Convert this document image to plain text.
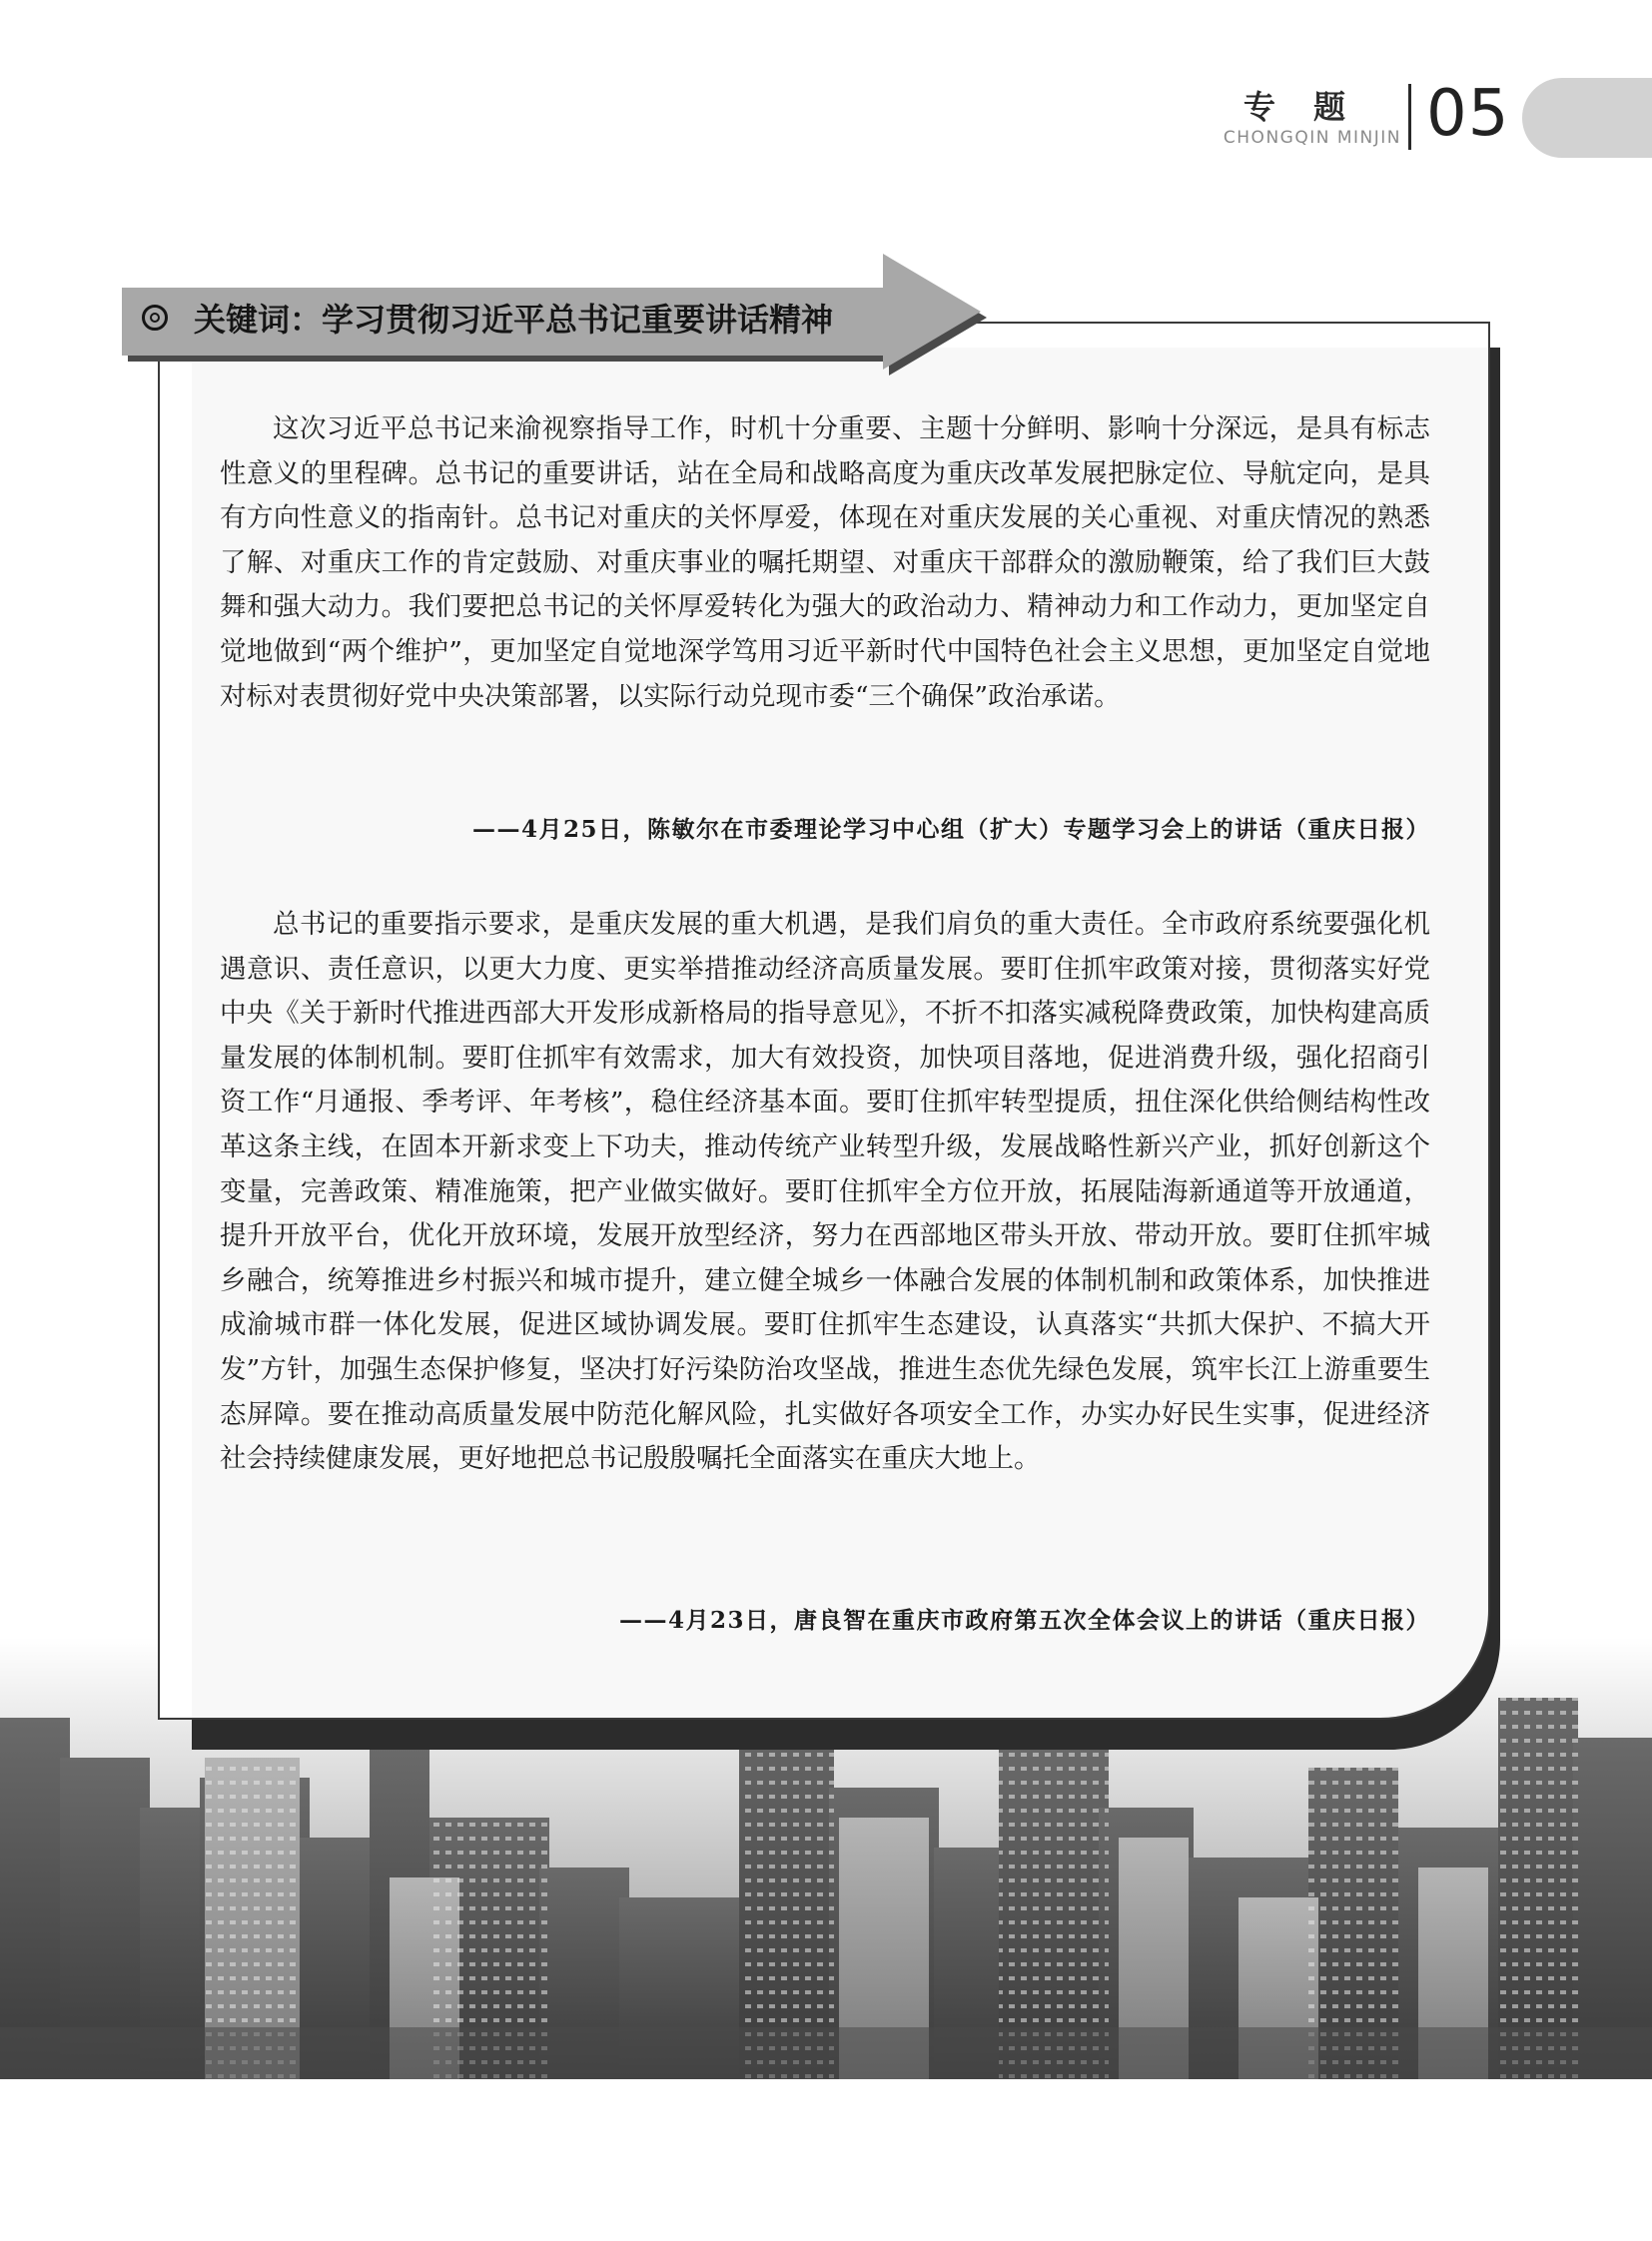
专题
CHONGQIN MINJIN 05
关键词：学习贯彻习近平总书记重要讲话精神

这次习近平总书记来渝视察指导工作，时机十分重要、主题十分鲜明、影响十分深远，是具有标志性意义的里程碑。总书记的重要讲话，站在全局和战略高度为重庆改革发展把脉定位、导航定向，是具有方向性意义的指南针。总书记对重庆的关怀厚爱，体现在对重庆发展的关心重视、对重庆情况的熟悉了解、对重庆工作的肯定鼓励、对重庆事业的嘱托期望、对重庆干部群众的激励鞭策，给了我们巨大鼓舞和强大动力。我们要把总书记的关怀厚爱转化为强大的政治动力、精神动力和工作动力，更加坚定自觉地做到“两个维护”，更加坚定自觉地深学笃用习近平新时代中国特色社会主义思想，更加坚定自觉地对标对表贯彻好党中央决策部署，以实际行动兑现市委“三个确保”政治承诺。

——4月25日，陈敏尔在市委理论学习中心组（扩大）专题学习会上的讲话（重庆日报）

总书记的重要指示要求，是重庆发展的重大机遇，是我们肩负的重大责任。全市政府系统要强化机遇意识、责任意识，以更大力度、更实举措推动经济高质量发展。要盯住抓牢政策对接，贯彻落实好党中央《关于新时代推进西部大开发形成新格局的指导意见》，不折不扣落实减税降费政策，加快构建高质量发展的体制机制。要盯住抓牢有效需求，加大有效投资，加快项目落地，促进消费升级，强化招商引资工作“月通报、季考评、年考核”，稳住经济基本面。要盯住抓牢转型提质，扭住深化供给侧结构性改革这条主线，在固本开新求变上下功夫，推动传统产业转型升级，发展战略性新兴产业，抓好创新这个变量，完善政策、精准施策，把产业做实做好。要盯住抓牢全方位开放，拓展陆海新通道等开放通道，提升开放平台，优化开放环境，发展开放型经济，努力在西部地区带头开放、带动开放。要盯住抓牢城乡融合，统筹推进乡村振兴和城市提升，建立健全城乡一体融合发展的体制机制和政策体系，加快推进成渝城市群一体化发展，促进区域协调发展。要盯住抓牢生态建设，认真落实“共抓大保护、不搞大开发”方针，加强生态保护修复，坚决打好污染防治攻坚战，推进生态优先绿色发展，筑牢长江上游重要生态屏障。要在推动高质量发展中防范化解风险，扎实做好各项安全工作，办实办好民生实事，促进经济社会持续健康发展，更好地把总书记殷殷嘱托全面落实在重庆大地上。

——4月23日，唐良智在重庆市政府第五次全体会议上的讲话（重庆日报）
